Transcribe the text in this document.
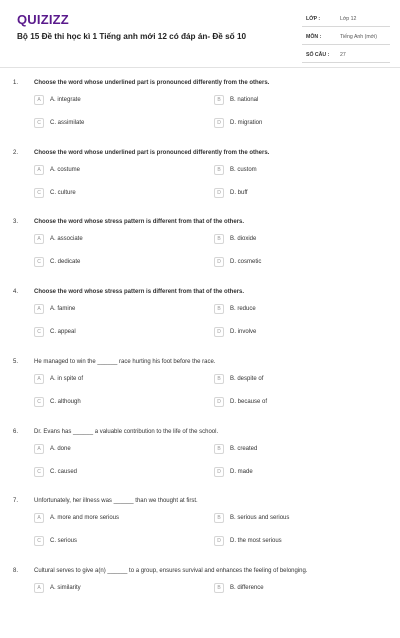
QUIZIZZ
Bộ 15 Đề thi học kì 1 Tiếng anh mới 12 có đáp án- Đề số 10
LỚP :	Lớp 12
MÔN :	Tiếng Anh (mới)
SỐ CÂU : 27
1.	Choose the word whose underlined part is pronounced differently from the others.
A	A. integrate	B	B. national
C	C. assimilate	D	D. migration
2.	Choose the word whose underlined part is pronounced differently from the others.
A	A. costume	B	B. custom
C	C. culture	D	D. buff
3.	Choose the word whose stress pattern is different from that of the others.
A	A. associate	B	B. dioxide
C	C. dedicate	D	D. cosmetic
4.	Choose the word whose stress pattern is different from that of the others.
A	A. famine	B	B. reduce
C	C. appeal	D	D. involve
5.	He managed to win the ______ race hurting his foot before the race.
A	A. in spite of	B	B. despite of
C	C. although	D	D. because of
6.	Dr. Evans has ______ a valuable contribution to the life of the school.
A	A. done	B	B. created
C	C. caused	D	D. made
7.	Unfortunately, her illness was ______ than we thought at first.
A	A. more and more serious	B	B. serious and serious
C	C. serious	D	D. the most serious
8.	Cultural serves to give a(n) ______ to a group, ensures survival and enhances the feeling of belonging.
A	A. similarity	B	B. difference
